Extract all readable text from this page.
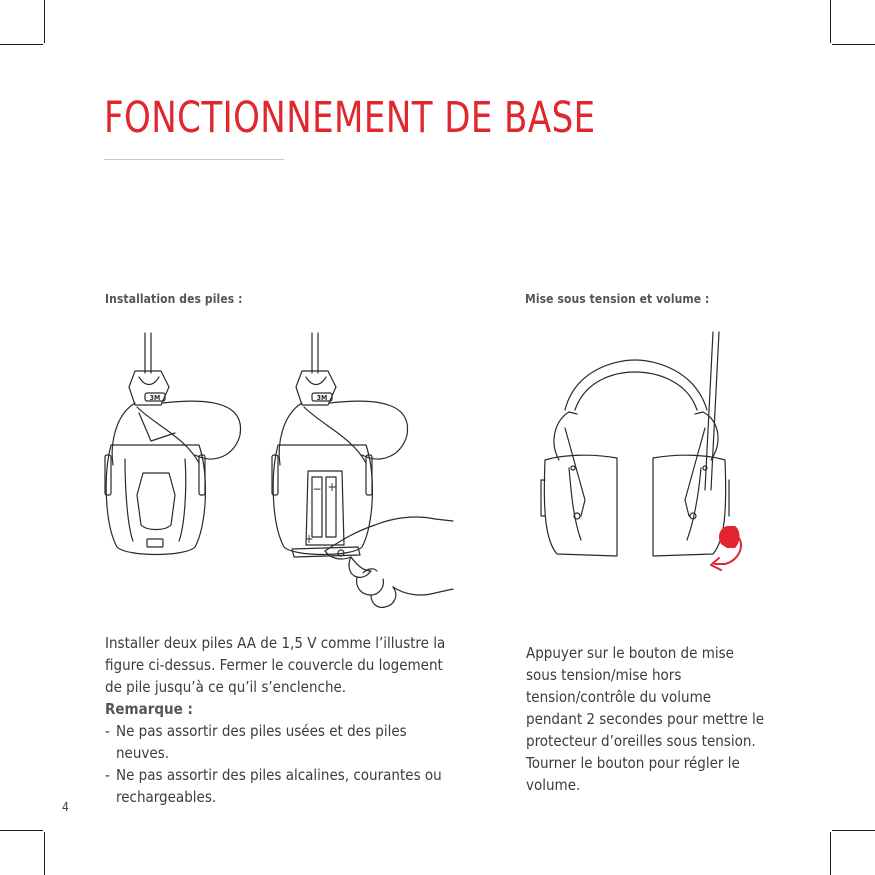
FONCTIONNEMENT DE BASE
Installation des piles :	Mise sous tension et volume :
3M	3M
− +
+

Installer deux piles AA de 1,5 V comme l’illustre la figure ci-dessus. Fermer le couvercle du logement de pile jusqu’à ce qu’il s’enclenche.

Remarque :

- Ne pas assortir des piles usées et des piles neuves.
- Ne pas assortir des piles alcalines, courantes ou rechargeables.

Appuyer sur le bouton de mise sous tension/mise hors tension/contrôle du volume pendant 2 secondes pour mettre le protecteur d’oreilles sous tension. Tourner le bouton pour régler le volume.

4
